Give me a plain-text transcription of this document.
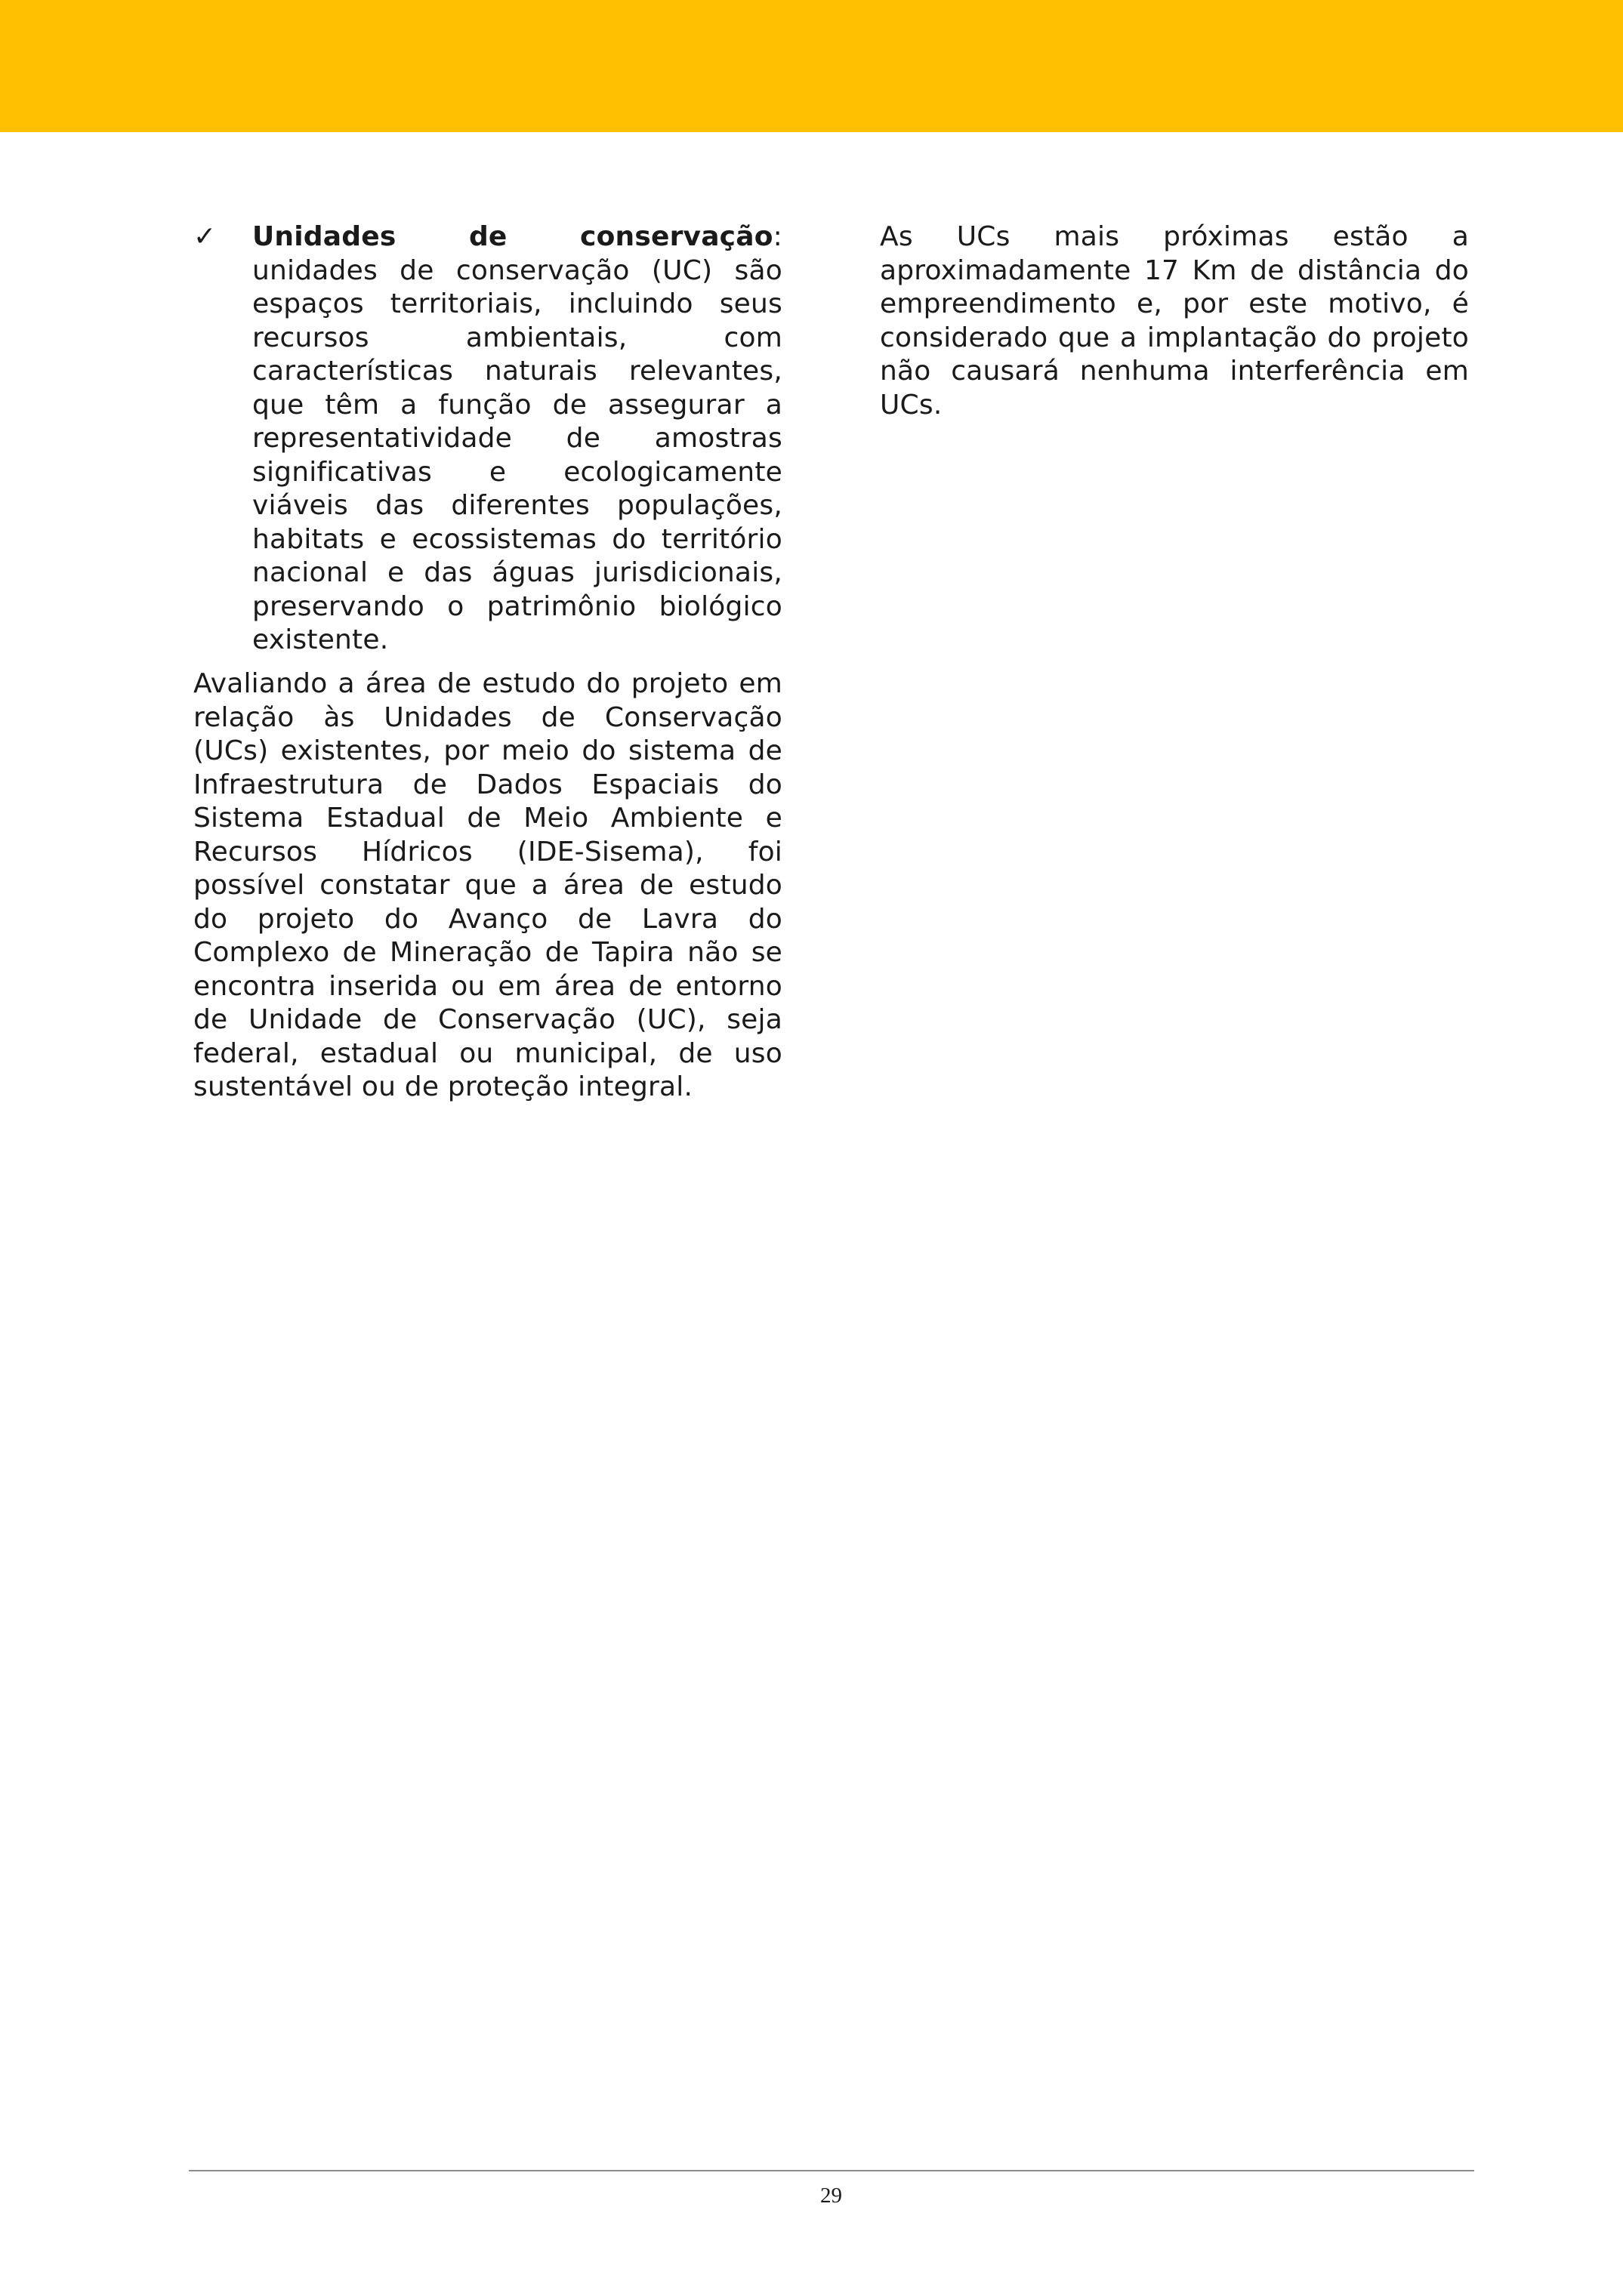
✓ Unidades de conservação: unidades de conservação (UC) são espaços territoriais, incluindo seus recursos ambientais, com características naturais relevantes, que têm a função de assegurar a representatividade de amostras significativas e ecologicamente viáveis das diferentes populações, habitats e ecossistemas do território nacional e das águas jurisdicionais, preservando o patrimônio biológico existente.

Avaliando a área de estudo do projeto em relação às Unidades de Conservação (UCs) existentes, por meio do sistema de Infraestrutura de Dados Espaciais do Sistema Estadual de Meio Ambiente e Recursos Hídricos (IDE-Sisema), foi possível constatar que a área de estudo do projeto do Avanço de Lavra do Complexo de Mineração de Tapira não se encontra inserida ou em área de entorno de Unidade de Conservação (UC), seja federal, estadual ou municipal, de uso sustentável ou de proteção integral.

As UCs mais próximas estão a aproximadamente 17 Km de distância do empreendimento e, por este motivo, é considerado que a implantação do projeto não causará nenhuma interferência em UCs.

29
